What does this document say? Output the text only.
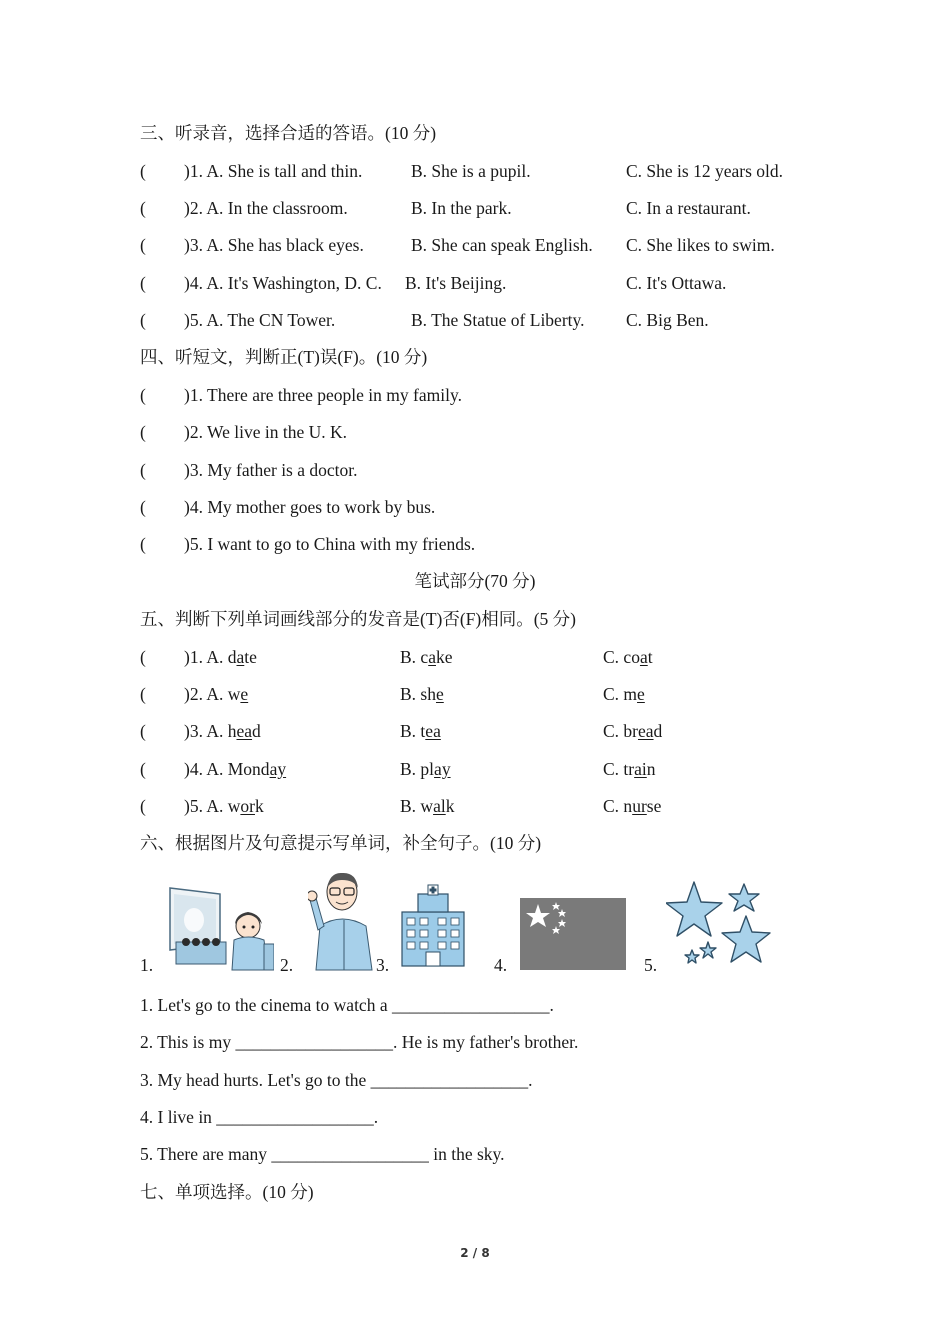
三、听录音，选择合适的答语。(10 分)
( )1. A. She is tall and thin.	B. She is a pupil.	C. She is 12 years old.
( )2. A. In the classroom.	B. In the park.	C. In a restaurant.
( )3. A. She has black eyes.	B. She can speak English. C. She likes to swim.
( )4. A. It's Washington, D. C. B. It's Beijing.	C. It's Ottawa.
( )5. A. The CN Tower.	B. The Statue of Liberty. C. Big Ben.
四、听短文，判断正(T)误(F)。(10 分)
( )1. There are three people in my family.
( )2. We live in the U. K.
( )3. My father is a doctor.
( )4. My mother goes to work by bus.
( )5. I want to go to China with my friends.
笔试部分(70 分)
五、判断下列单词画线部分的发音是(T)否(F)相同。(5 分)
( )1. A. date	B. cake	C. coat
( )2. A. we	B. she	C. me
( )3. A. head	B. tea	C. bread
( )4. A. Monday	B. play	C. train
( )5. A. work	B. walk	C. nurse
六、根据图片及句意提示写单词，补全句子。(10 分)
1.	2.	3.	4.	5.
1. Let's go to the cinema to watch a __________________.
2. This is my __________________. He is my father's brother.
3. My head hurts. Let's go to the __________________.
4. I live in __________________.
5. There are many __________________ in the sky.
七、单项选择。(10 分)
2 / 8
